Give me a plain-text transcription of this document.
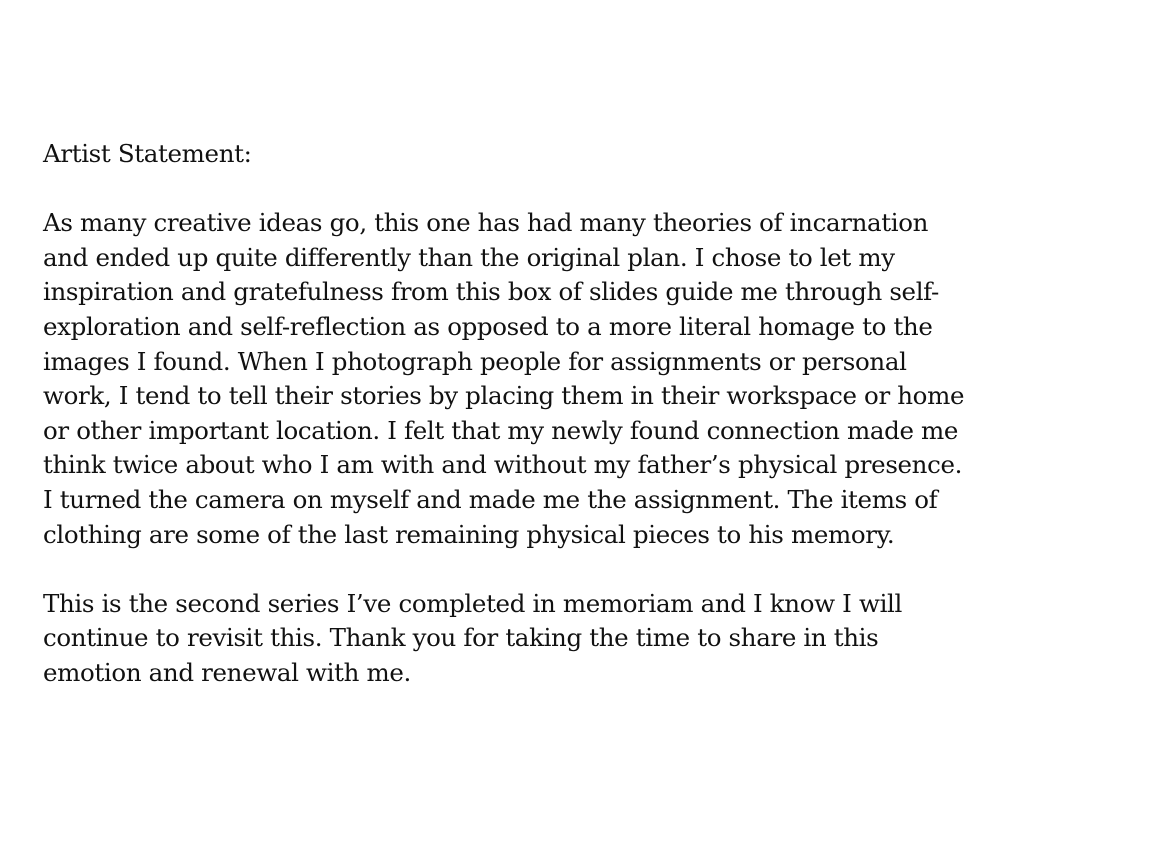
Artist Statement:

As many creative ideas go, this one has had many theories of incarnation
and ended up quite differently than the original plan. I chose to let my
inspiration and gratefulness from this box of slides guide me through self-
exploration and self-reflection as opposed to a more literal homage to the
images I found. When I photograph people for assignments or personal
work, I tend to tell their stories by placing them in their workspace or home
or other important location. I felt that my newly found connection made me
think twice about who I am with and without my father’s physical presence.
I turned the camera on myself and made me the assignment. The items of
clothing are some of the last remaining physical pieces to his memory.

This is the second series I’ve completed in memoriam and I know I will
continue to revisit this. Thank you for taking the time to share in this
emotion and renewal with me.
